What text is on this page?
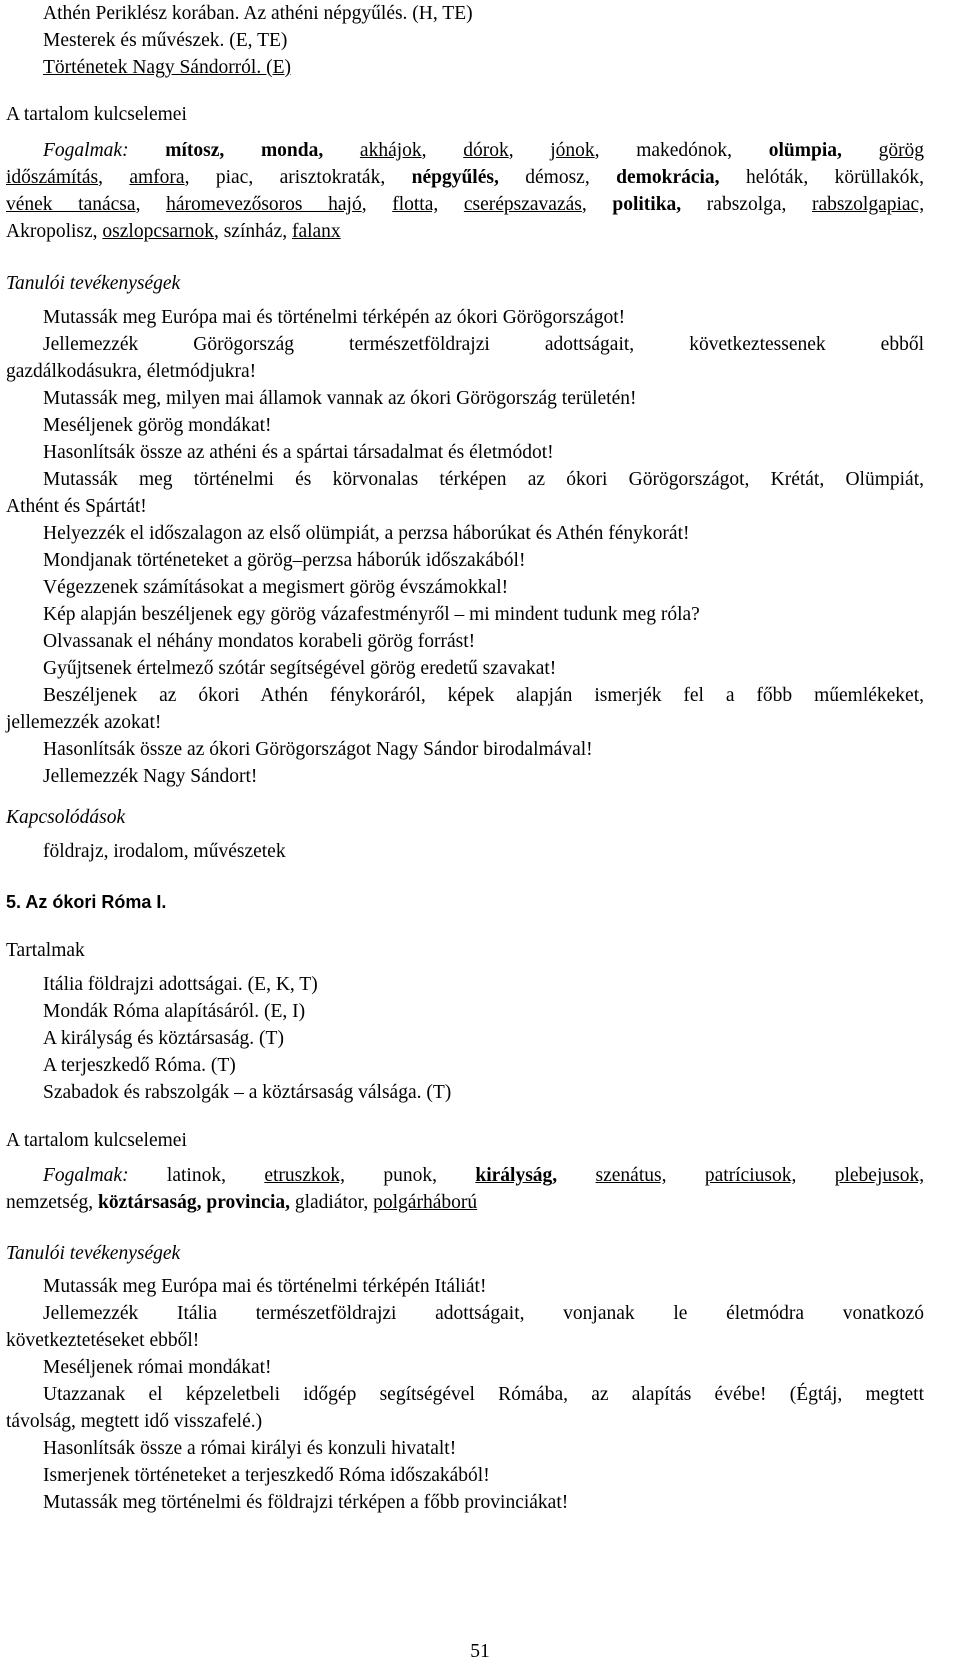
Athén Periklész korában. Az athéni népgyűlés. (H, TE)
Mesterek és művészek. (E, TE)
Történetek Nagy Sándorról. (E)
A tartalom kulcselemei
Fogalmak: mítosz, monda, akhájok, dórok, jónok, makedónok, olümpia, görög
időszámítás, amfora, piac, arisztokraták, népgyűlés, démosz, demokrácia, helóták, körüllakók,
vének tanácsa, háromevezősoros hajó, flotta, cserépszavazás, politika, rabszolga, rabszolgapiac,
Akropolisz, oszlopcsarnok, színház, falanx
Tanulói tevékenységek
Mutassák meg Európa mai és történelmi térképén az ókori Görögországot!
Jellemezzék Görögország természetföldrajzi adottságait, következtessenek ebből
gazdálkodásukra, életmódjukra!
Mutassák meg, milyen mai államok vannak az ókori Görögország területén!
Meséljenek görög mondákat!
Hasonlítsák össze az athéni és a spártai társadalmat és életmódot!
Mutassák meg történelmi és körvonalas térképen az ókori Görögországot, Krétát, Olümpiát,
Athént és Spártát!
Helyezzék el időszalagon az első olümpiát, a perzsa háborúkat és Athén fénykorát!
Mondjanak történeteket a görög–perzsa háborúk időszakából!
Végezzenek számításokat a megismert görög évszámokkal!
Kép alapján beszéljenek egy görög vázafestményről – mi mindent tudunk meg róla?
Olvassanak el néhány mondatos korabeli görög forrást!
Gyűjtsenek értelmező szótár segítségével görög eredetű szavakat!
Beszéljenek az ókori Athén fénykoráról, képek alapján ismerjék fel a főbb műemlékeket,
jellemezzék azokat!
Hasonlítsák össze az ókori Görögországot Nagy Sándor birodalmával!
Jellemezzék Nagy Sándort!
Kapcsolódások
földrajz, irodalom, művészetek
5. Az ókori Róma I.
Tartalmak
Itália földrajzi adottságai. (E, K, T)
Mondák Róma alapításáról. (E, I)
A királyság és köztársaság. (T)
A terjeszkedő Róma. (T)
Szabadok és rabszolgák – a köztársaság válsága. (T)
A tartalom kulcselemei
Fogalmak: latinok, etruszkok, punok, királyság, szenátus, patríciusok, plebejusok,
nemzetség, köztársaság, provincia, gladiátor, polgárháború
Tanulói tevékenységek
Mutassák meg Európa mai és történelmi térképén Itáliát!
Jellemezzék Itália természetföldrajzi adottságait, vonjanak le életmódra vonatkozó
következtetéseket ebből!
Meséljenek római mondákat!
Utazzanak el képzeletbeli időgép segítségével Rómába, az alapítás évébe! (Égtáj, megtett
távolság, megtett idő visszafelé.)
Hasonlítsák össze a római királyi és konzuli hivatalt!
Ismerjenek történeteket a terjeszkedő Róma időszakából!
Mutassák meg történelmi és földrajzi térképen a főbb provinciákat!
51
